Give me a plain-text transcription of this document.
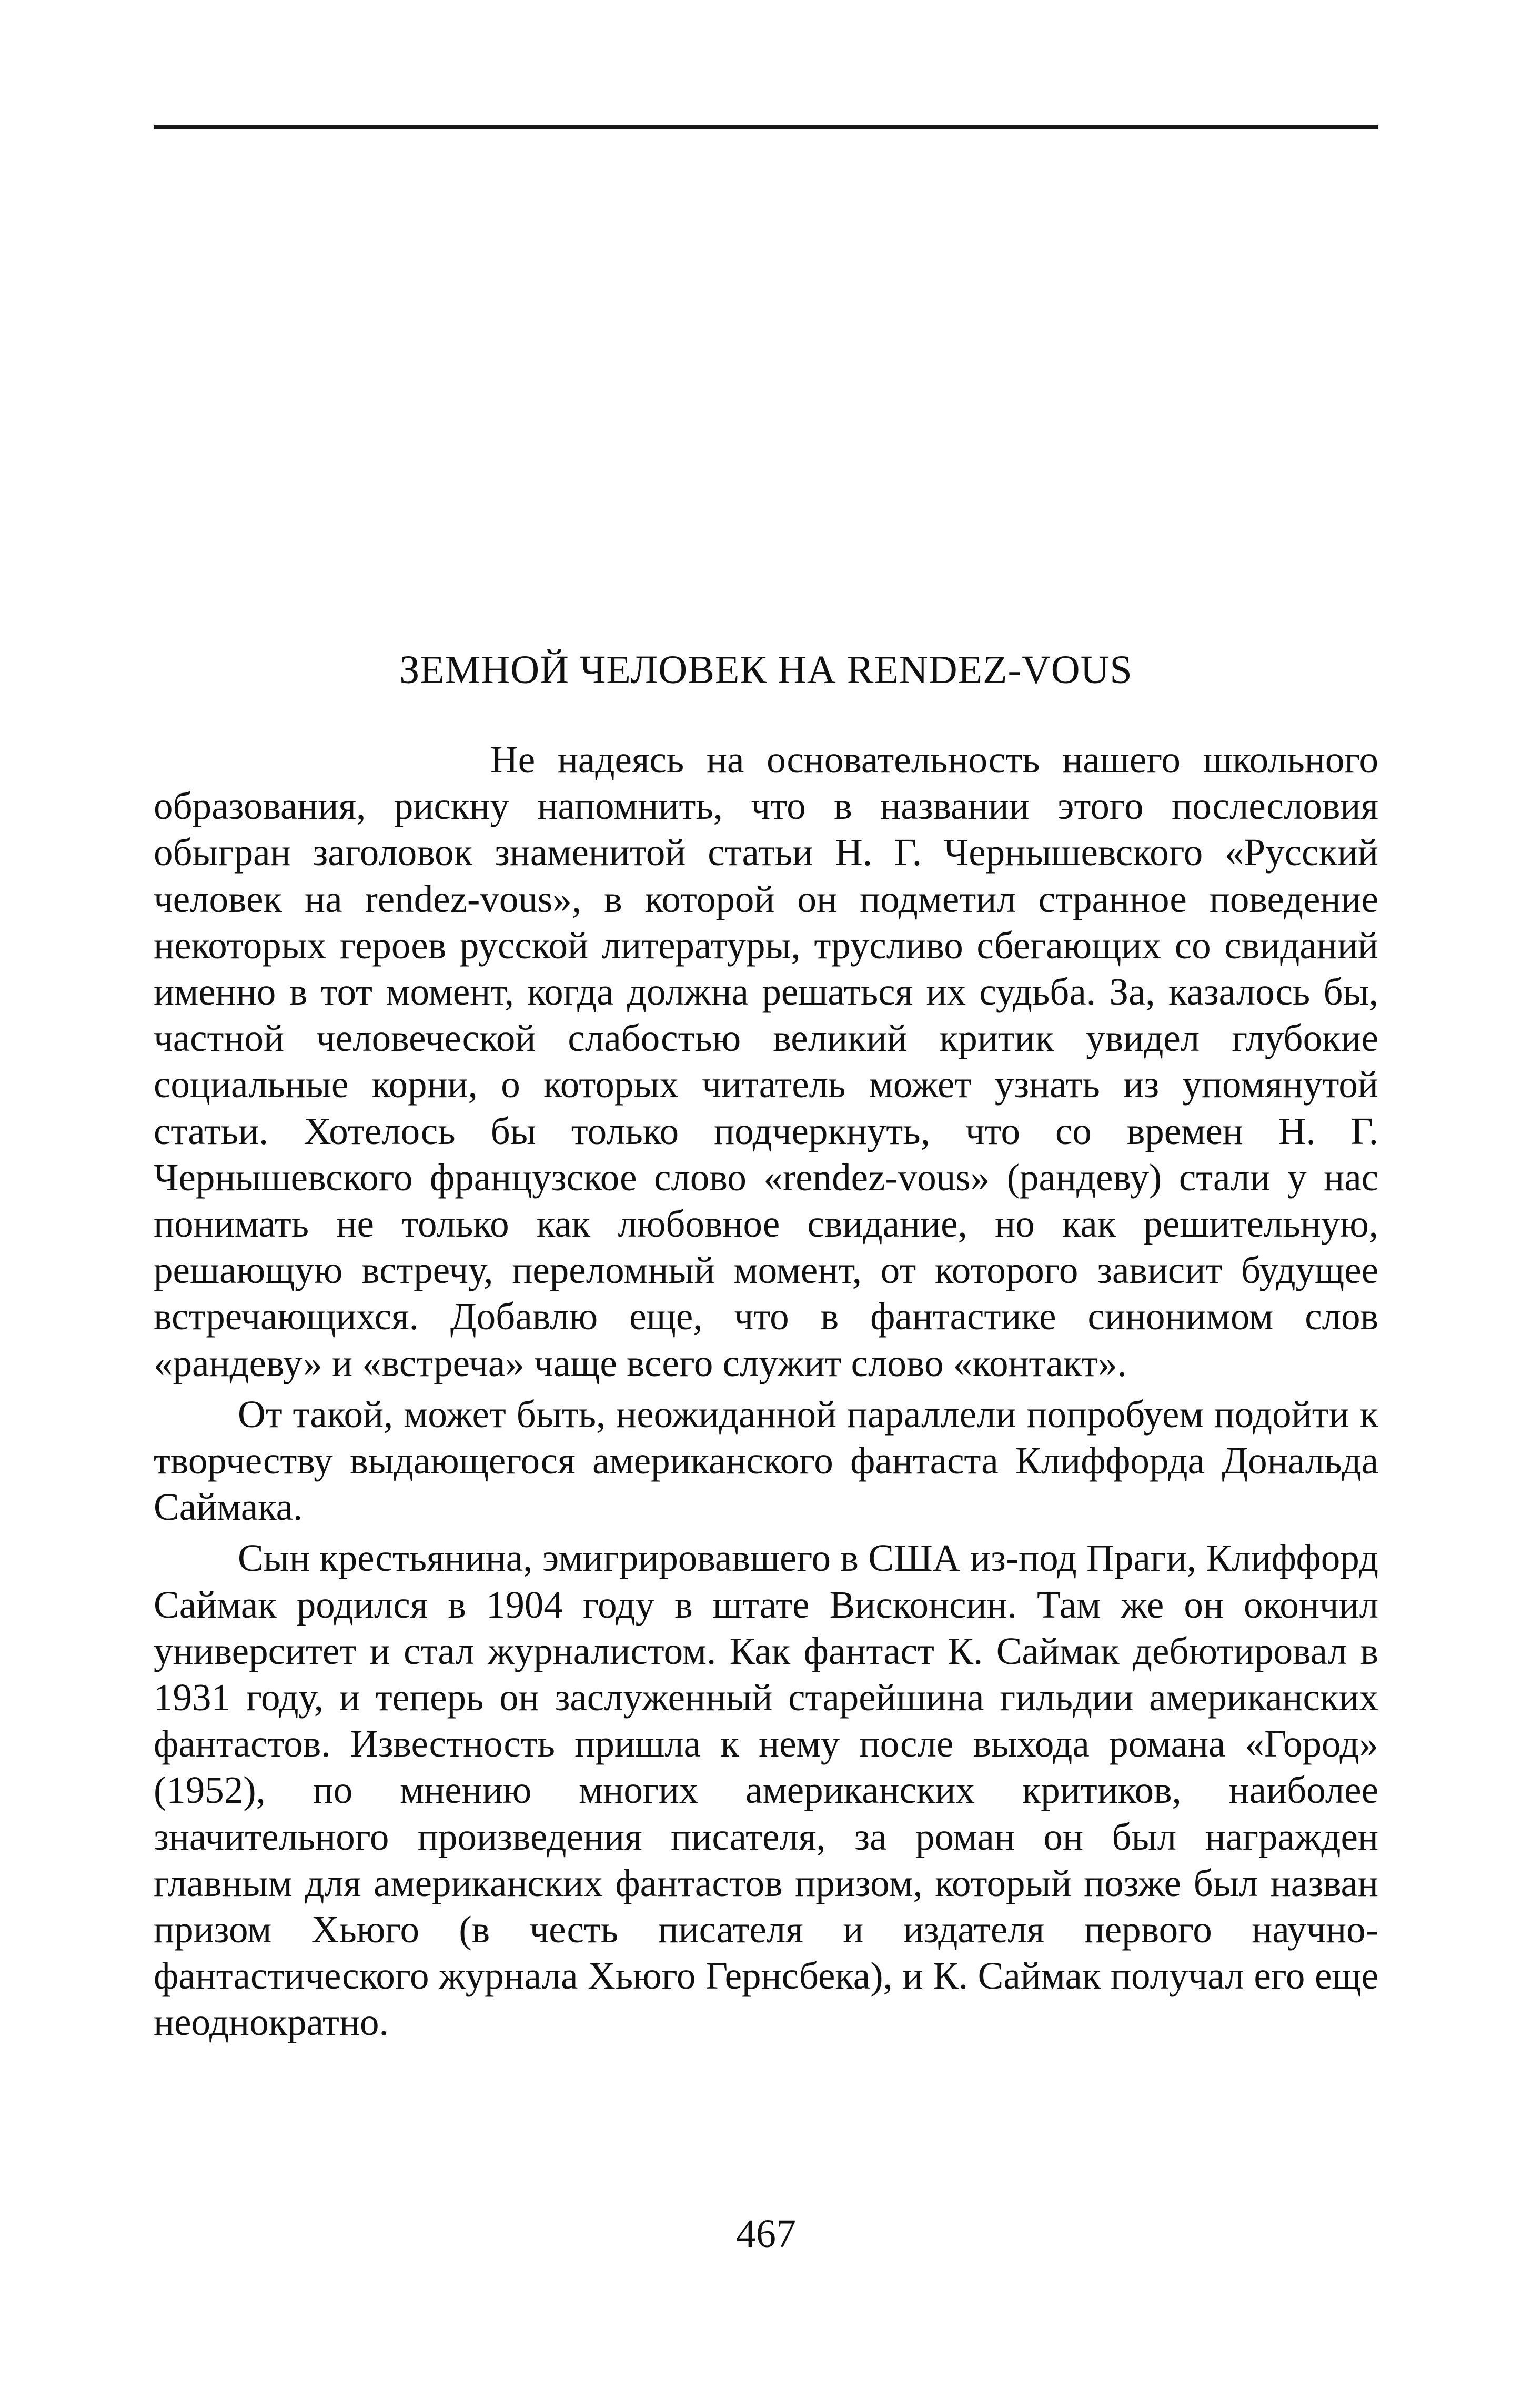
ЗЕМНОЙ ЧЕЛОВЕК НА RENDEZ-VOUS

Не надеясь на основательность нашего школьного образования, рискну напомнить, что в названии этого послесловия обыгран заголовок знаменитой статьи Н. Г. Чернышевского «Русский человек на rendez-vous», в которой он подметил странное поведение некоторых героев русской литературы, трусливо сбегающих со свиданий именно в тот момент, когда должна решаться их судьба. За, казалось бы, частной человеческой слабостью великий критик увидел глубокие социальные корни, о которых читатель может узнать из упомянутой статьи. Хотелось бы только подчеркнуть, что со времен Н. Г. Чернышевского французское слово «rendez-vous» (рандеву) стали у нас понимать не только как любовное свидание, но как решительную, решающую встречу, переломный момент, от которого зависит будущее встречающихся. Добавлю еще, что в фантастике синонимом слов «рандеву» и «встреча» чаще всего служит слово «контакт».

От такой, может быть, неожиданной параллели попробуем подойти к творчеству выдающегося американского фантаста Клиффорда Дональда Саймака.

Сын крестьянина, эмигрировавшего в США из-под Праги, Клиффорд Саймак родился в 1904 году в штате Висконсин. Там же он окончил университет и стал журналистом. Как фантаст К. Саймак дебютировал в 1931 году, и теперь он заслуженный старейшина гильдии американских фантастов. Известность пришла к нему после выхода романа «Город» (1952), по мнению многих американских критиков, наиболее значительного произведения писателя, за роман он был награжден главным для американских фантастов призом, который позже был назван призом Хьюго (в честь писателя и издателя первого научно-фантастического журнала Хьюго Гернсбека), и К. Саймак получал его еще неоднократно.

467
